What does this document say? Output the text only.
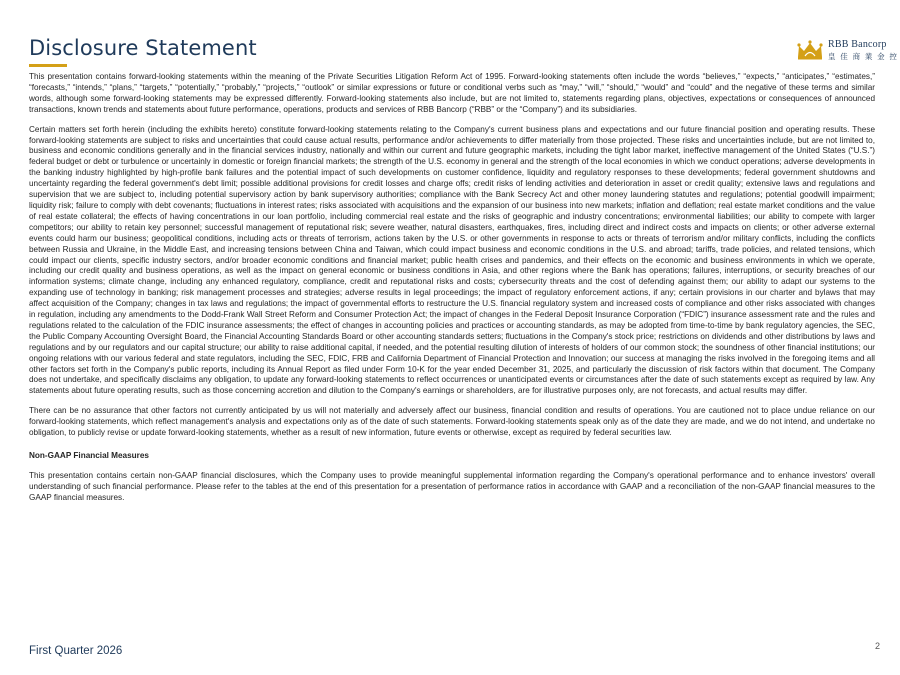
Disclosure Statement	RBB Bancorp
皇 佳 商 業 金 控

This presentation contains forward-looking statements within the meaning of the Private Securities Litigation Reform Act of 1995. Forward-looking statements often include the words “believes,” “expects,” “anticipates,” “estimates,” “forecasts,” “intends,” “plans,” “targets,” “potentially,” “probably,” “projects,” “outlook” or similar expressions or future or conditional verbs such as “may,” “will,” “should,” “would” and “could” and the negative of these terms and similar words, although some forward-looking statements may be expressed differently. Forward-looking statements also include, but are not limited to, statements regarding plans, objectives, expectations or consequences of announced transactions, known trends and statements about future performance, operations, products and services of RBB Bancorp (“RBB” or the “Company”) and its subsidiaries.

Certain matters set forth herein (including the exhibits hereto) constitute forward-looking statements relating to the Company's current business plans and expectations and our future financial position and operating results. These forward-looking statements are subject to risks and uncertainties that could cause actual results, performance and/or achievements to differ materially from those projected. These risks and uncertainties include, but are not limited to, business and economic conditions generally and in the financial services industry, nationally and within our current and future geographic markets, including the tight labor market, ineffective management of the United States (“U.S.”) federal budget or debt or turbulence or uncertainly in domestic or foreign financial markets; the strength of the U.S. economy in general and the strength of the local economies in which we conduct operations; adverse developments in the banking industry highlighted by high-profile bank failures and the potential impact of such developments on customer confidence, liquidity and regulatory responses to these developments; federal government shutdowns and uncertainty regarding the federal government's debt limit; possible additional provisions for credit losses and charge offs; credit risks of lending activities and deterioration in asset or credit quality; extensive laws and regulations and supervision that we are subject to, including potential supervisory action by bank supervisory authorities; compliance with the Bank Secrecy Act and other money laundering statutes and regulations; potential goodwill impairment; liquidity risk; failure to comply with debt covenants; fluctuations in interest rates; risks associated with acquisitions and the expansion of our business into new markets; inflation and deflation; real estate market conditions and the value of real estate collateral; the effects of having concentrations in our loan portfolio, including commercial real estate and the risks of geographic and industry concentrations; environmental liabilities; our ability to compete with larger competitors; our ability to retain key personnel; successful management of reputational risk; severe weather, natural disasters, earthquakes, fires, including direct and indirect costs and impacts on clients; or other adverse external events could harm our business; geopolitical conditions, including acts or threats of terrorism, actions taken by the U.S. or other governments in response to acts or threats of terrorism and/or military conflicts, including the conflicts between Russia and Ukraine, in the Middle East, and increasing tensions between China and Taiwan, which could impact business and economic conditions in the U.S. and abroad; tariffs, trade policies, and related tensions, which could impact our clients, specific industry sectors, and/or broader economic conditions and financial market; public health crises and pandemics, and their effects on the economic and business environments in which we operate, including our credit quality and business operations, as well as the impact on general economic or business conditions in Asia, and other regions where the Bank has operations; failures, interruptions, or security breaches of our information systems; climate change, including any enhanced regulatory, compliance, credit and reputational risks and costs; cybersecurity threats and the cost of defending against them; our ability to adapt our systems to the expanding use of technology in banking; risk management processes and strategies; adverse results in legal proceedings; the impact of regulatory enforcement actions, if any; certain provisions in our charter and bylaws that may affect acquisition of the Company; changes in tax laws and regulations; the impact of governmental efforts to restructure the U.S. financial regulatory system and increased costs of compliance and other risks associated with changes in regulation, including any amendments to the Dodd-Frank Wall Street Reform and Consumer Protection Act; the impact of changes in the Federal Deposit Insurance Corporation (“FDIC”) insurance assessment rate and the rules and regulations related to the calculation of the FDIC insurance assessments; the effect of changes in accounting policies and practices or accounting standards, as may be adopted from time-to-time by bank regulatory agencies, the SEC, the Public Company Accounting Oversight Board, the Financial Accounting Standards Board or other accounting standards setters; fluctuations in the Company's stock price; restrictions on dividends and other distributions by laws and regulations and by our regulators and our capital structure; our ability to raise additional capital, if needed, and the potential resulting dilution of interests of holders of our common stock; the soundness of other financial institutions; our ongoing relations with our various federal and state regulators, including the SEC, FDIC, FRB and California Department of Financial Protection and Innovation; our success at managing the risks involved in the foregoing items and all other factors set forth in the Company's public reports, including its Annual Report as filed under Form 10-K for the year ended December 31, 2025, and particularly the discussion of risk factors within that document. The Company does not undertake, and specifically disclaims any obligation, to update any forward-looking statements to reflect occurrences or unanticipated events or circumstances after the date of such statements except as required by law. Any statements about future operating results, such as those concerning accretion and dilution to the Company's earnings or shareholders, are for illustrative purposes only, are not forecasts, and actual results may differ.

There can be no assurance that other factors not currently anticipated by us will not materially and adversely affect our business, financial condition and results of operations. You are cautioned not to place undue reliance on our forward-looking statements, which reflect management's analysis and expectations only as of the date of such statements. Forward-looking statements speak only as of the date they are made, and we do not intend, and undertake no obligation, to publicly revise or update forward-looking statements, whether as a result of new information, future events or otherwise, except as required by federal securities law.

Non-GAAP Financial Measures

This presentation contains certain non-GAAP financial disclosures, which the Company uses to provide meaningful supplemental information regarding the Company's operational performance and to enhance investors' overall understanding of such financial performance. Please refer to the tables at the end of this presentation for a presentation of performance ratios in accordance with GAAP and a reconciliation of the non-GAAP financial measures to the GAAP financial measures.

First Quarter 2026	2
